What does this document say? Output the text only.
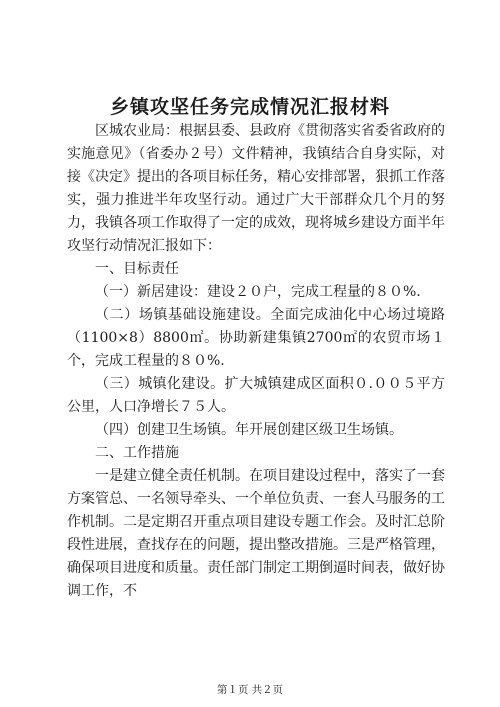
乡镇攻坚任务完成情况汇报材料

区城农业局：根据县委、县政府《贯彻落实省委省政府的实施意见》（省委办２号）文件精神，我镇结合自身实际，对接《决定》提出的各项目标任务，精心安排部署，狠抓工作落实，强力推进半年攻坚行动。通过广大干部群众几个月的努力，我镇各项工作取得了一定的成效，现将城乡建设方面半年攻坚行动情况汇报如下：

一、目标责任

（一）新居建设：建设２０户，完成工程量的８０%.

（二）场镇基础设施建设。全面完成油化中心场过境路（1100×8）8800㎡。协助新建集镇2700㎡的农贸市场１个，完成工程量的８０%.

（三）城镇化建设。扩大城镇建成区面积０.００５平方公里，人口净增长７５人。

（四）创建卫生场镇。年开展创建区级卫生场镇。

二、工作措施

一是建立健全责任机制。在项目建设过程中，落实了一套方案管总、一名领导牵头、一个单位负责、一套人马服务的工作机制。二是定期召开重点项目建设专题工作会。及时汇总阶段性进展，查找存在的问题，提出整改措施。三是严格管理，确保项目进度和质量。责任部门制定工期倒逼时间表，做好协调工作，不

第１页 共２页
